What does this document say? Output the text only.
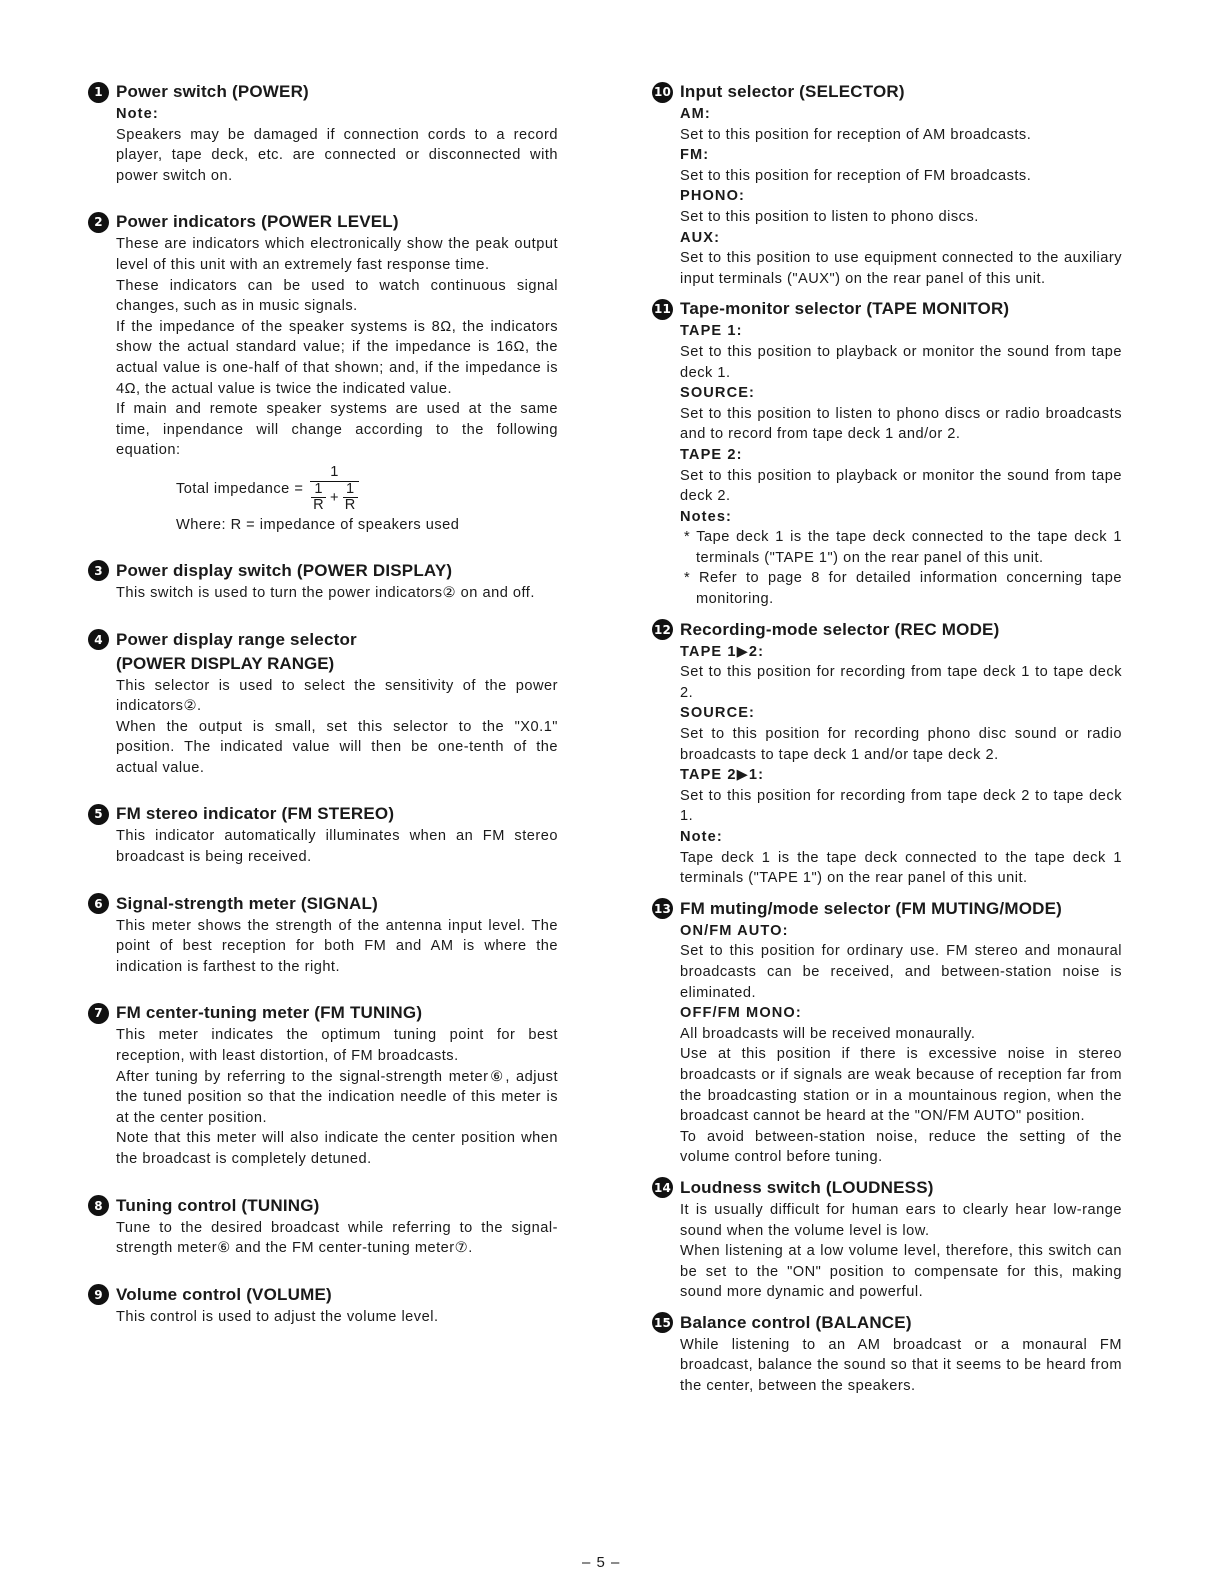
1 Power switch (POWER)

Note:

Speakers may be damaged if connection cords to a record player, tape deck, etc. are connected or disconnected with power switch on.

2 Power indicators (POWER LEVEL)

These are indicators which electronically show the peak output level of this unit with an extremely fast response time.

These indicators can be used to watch continuous signal changes, such as in music signals.

If the impedance of the speaker systems is 8Ω, the indicators show the actual standard value; if the impedance is 16Ω, the actual value is one-half of that shown; and, if the impedance is 4Ω, the actual value is twice the indicated value.

If main and remote speaker systems are used at the same time, inpendance will change according to the following equation:

Total impedance = 1
1
$R + \frac{1}{R}$
Where: R = impedance of speakers used
3 Power display switch (POWER DISPLAY)

This switch is used to turn the power indicators② on and off.

4 Power display range selector
(POWER DISPLAY RANGE)

This selector is used to select the sensitivity of the power indicators②.

When the output is small, set this selector to the "X0.1" position. The indicated value will then be one-tenth of the actual value.

5 FM stereo indicator (FM STEREO)

This indicator automatically illuminates when an FM stereo broadcast is being received.

6 Signal-strength meter (SIGNAL)

This meter shows the strength of the antenna input level. The point of best reception for both FM and AM is where the indication is farthest to the right.

7 FM center-tuning meter (FM TUNING)

This meter indicates the optimum tuning point for best reception, with least distortion, of FM broadcasts.

After tuning by referring to the signal-strength meter⑥, adjust the tuned position so that the indication needle of this meter is at the center position.

Note that this meter will also indicate the center position when the broadcast is completely detuned.

8 Tuning control (TUNING)

Tune to the desired broadcast while referring to the signal-strength meter⑥ and the FM center-tuning meter⑦.

9 Volume control (VOLUME)

This control is used to adjust the volume level.

10 Input selector (SELECTOR)

AM:

Set to this position for reception of AM broadcasts.

FM:

Set to this position for reception of FM broadcasts.

PHONO:

Set to this position to listen to phono discs.

AUX:

Set to this position to use equipment connected to the auxiliary input terminals ("AUX") on the rear panel of this unit.

11 Tape-monitor selector (TAPE MONITOR)

TAPE 1:

Set to this position to playback or monitor the sound from tape deck 1.

SOURCE:

Set to this position to listen to phono discs or radio broadcasts and to record from tape deck 1 and/or 2.

TAPE 2:

Set to this position to playback or monitor the sound from tape deck 2.

Notes:

* Tape deck 1 is the tape deck connected to the tape deck 1 terminals ("TAPE 1") on the rear panel of this unit.

* Refer to page 8 for detailed information concerning tape monitoring.

12 Recording-mode selector (REC MODE)

TAPE 1▶2:

Set to this position for recording from tape deck 1 to tape deck 2.

SOURCE:

Set to this position for recording phono disc sound or radio broadcasts to tape deck 1 and/or tape deck 2.

TAPE 2▶1:

Set to this position for recording from tape deck 2 to tape deck 1.

Note:

Tape deck 1 is the tape deck connected to the tape deck 1 terminals ("TAPE 1") on the rear panel of this unit.

13 FM muting/mode selector (FM MUTING/MODE)

ON/FM AUTO:

Set to this position for ordinary use. FM stereo and monaural broadcasts can be received, and between-station noise is eliminated.

OFF/FM MONO:

All broadcasts will be received monaurally.

Use at this position if there is excessive noise in stereo broadcasts or if signals are weak because of reception far from the broadcasting station or in a mountainous region, when the broadcast cannot be heard at the "ON/FM AUTO" position.

To avoid between-station noise, reduce the setting of the volume control before tuning.

14 Loudness switch (LOUDNESS)

It is usually difficult for human ears to clearly hear low-range sound when the volume level is low.

When listening at a low volume level, therefore, this switch can be set to the "ON" position to compensate for this, making sound more dynamic and powerful.

15 Balance control (BALANCE)

While listening to an AM broadcast or a monaural FM broadcast, balance the sound so that it seems to be heard from the center, between the speakers.

– 5 –
